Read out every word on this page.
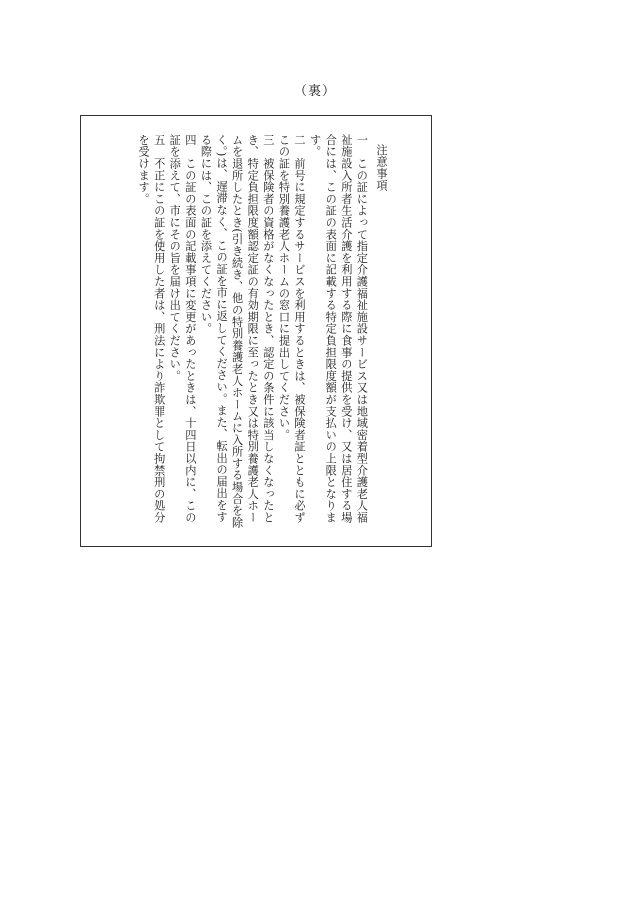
（裏）
注意事項
一　この証によって指定介護福祉施設サービス又は地域密着型介護老人福祉施設入所者生活介護を利用する際に食事の提供を受け、又は居住する場合には、この証の表面に記載する特定負担限度額が支払いの上限となります。
二　前号に規定するサービスを利用するときは、被保険者証とともに必ずこの証を特別養護老人ホームの窓口に提出してください。
三　被保険者の資格がなくなったとき、認定の条件に該当しなくなったとき、特定負担限度額認定証の有効期限に至ったとき又は特別養護老人ホームを退所したとき(引き続き、他の特別養護老人ホームに入所する場合を除く。)は、遅滞なく、この証を市に返してください。また、転出の届出をする際には、この証を添えてください。
四　この証の表面の記載事項に変更があったときは、十四日以内に、この証を添えて、市にその旨を届け出てください。
五　不正にこの証を使用した者は、刑法により詐欺罪として拘禁刑の処分を受けます。
